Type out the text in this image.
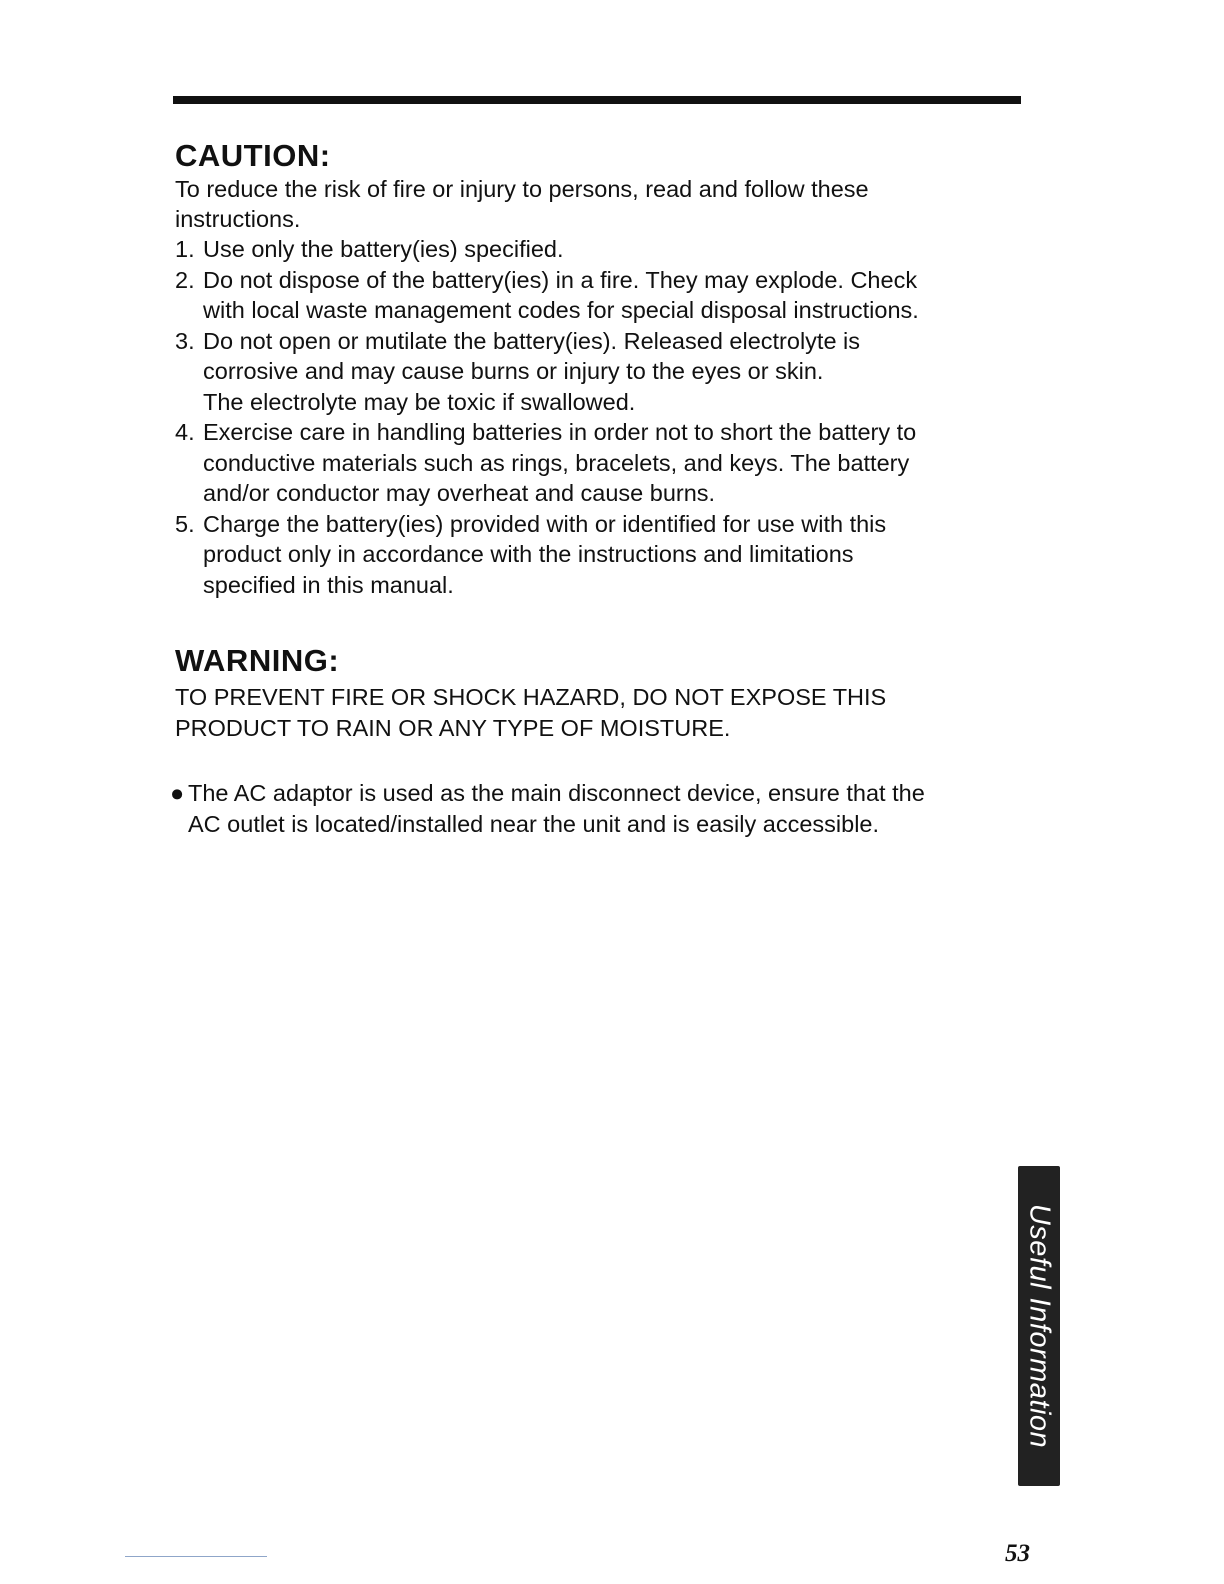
CAUTION:

To reduce the risk of fire or injury to persons, read and follow these instructions.

1. Use only the battery(ies) specified.
2. Do not dispose of the battery(ies) in a fire. They may explode. Check
with local waste management codes for special disposal instructions.
3. Do not open or mutilate the battery(ies). Released electrolyte is
corrosive and may cause burns or injury to the eyes or skin.
The electrolyte may be toxic if swallowed.
4. Exercise care in handling batteries in order not to short the battery to
conductive materials such as rings, bracelets, and keys. The battery
and/or conductor may overheat and cause burns.
5. Charge the battery(ies) provided with or identified for use with this
product only in accordance with the instructions and limitations
specified in this manual.
WARNING:

TO PREVENT FIRE OR SHOCK HAZARD, DO NOT EXPOSE THIS PRODUCT TO RAIN OR ANY TYPE OF MOISTURE.

● The AC adaptor is used as the main disconnect device, ensure that the
AC outlet is located/installed near the unit and is easily accessible.

Useful Information
53
